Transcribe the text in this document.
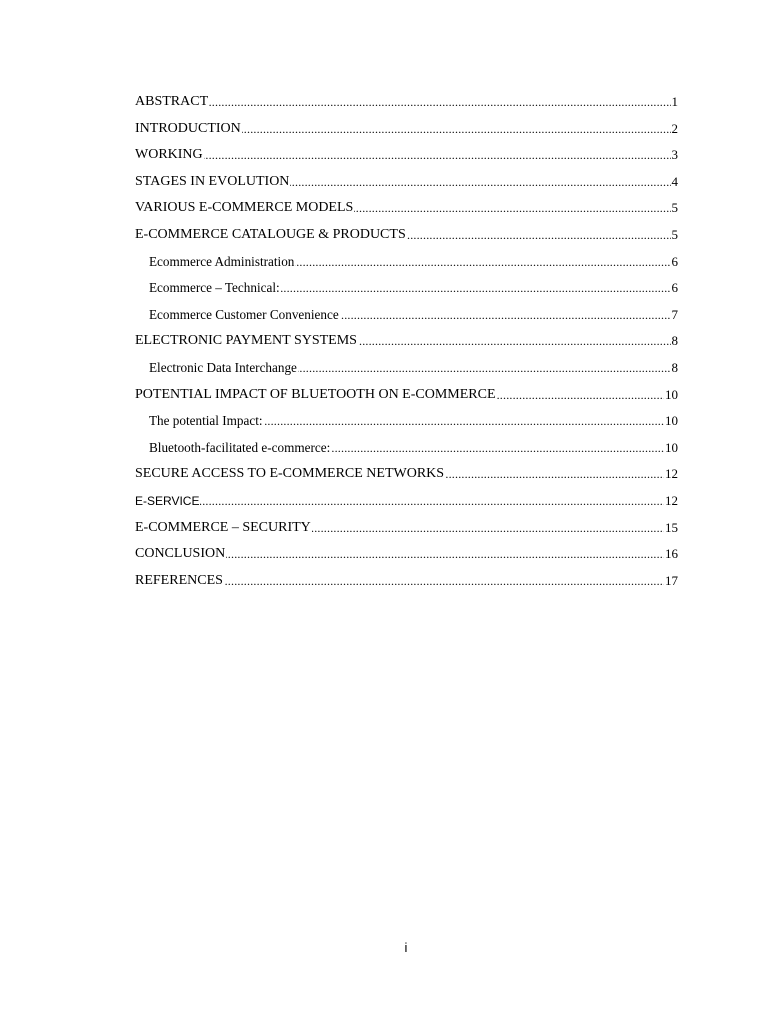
.....
ABSTRACT	1
.....
INTRODUCTION	2
.....
WORKING	3
.....
STAGES IN EVOLUTION	4
.....
VARIOUS E-COMMERCE MODELS	5
.....
E-COMMERCE CATALOUGE & PRODUCTS	5
.....
Ecommerce Administration	6
.....
Ecommerce – Technical:	6
.....
Ecommerce Customer Convenience	7
.....
ELECTRONIC PAYMENT SYSTEMS	8
.....
Electronic Data Interchange	8
.....
POTENTIAL IMPACT OF BLUETOOTH ON E-COMMERCE	10
.....
The potential Impact:	10
.....
Bluetooth-facilitated e-commerce:	10
.....
SECURE ACCESS TO E-COMMERCE NETWORKS	12
.....
E-SERVICE	12
.....
E-COMMERCE – SECURITY	15
.....
CONCLUSION	16
.....
REFERENCES	17
i
